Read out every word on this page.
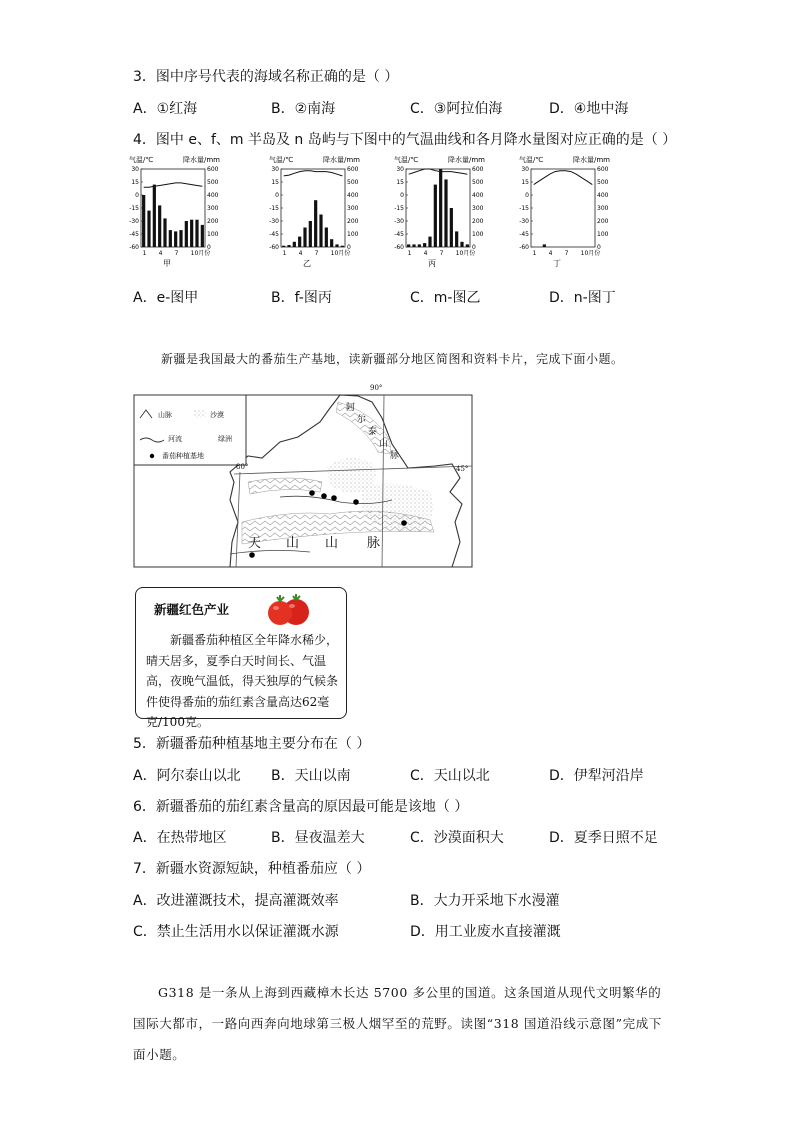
3．图中序号代表的海域名称正确的是（ ）
A．①红海	B．②南海	C．③阿拉伯海	D．④地中海
4．图中 e、f、m 半岛及 n 岛屿与下图中的气温曲线和各月降水量图对应正确的是（ ）
气温/℃	降水量/mm
30	600
15	500
0	400
-15	300
-30	200
-45	100
-60	0
1 4 7 10月份
甲
气温/℃	降水量/mm
30	600
15	500
0	400
-15	300
-30	200
-45	100
-60	0
1 4 7 10月份
乙
气温/℃	降水量/mm
30	600
15	500
0	400
-15	300
-30	200
-45	100
-60	0
1 4 7 10月份
丙
气温/℃	降水量/mm
30	600
15	500
0	400
-15	300
-30	200
-45	100
-60	0
1 4 7 10月份
丁
A．e-图甲	B．f-图丙	C．m-图乙	D．n-图丁
新疆是我国最大的番茄生产基地，读新疆部分地区简图和资料卡片，完成下面小题。
山脉	沙漠
河流	绿洲
番茄种植基地
90°
80°	45°
阿
尔
泰
山
脉
天 山 山 脉
新疆红色产业
新疆番茄种植区全年降水稀少，晴天居多，夏季白天时间长、气温高，夜晚气温低，得天独厚的气候条件使得番茄的茄红素含量高达62毫克/100克。
5．新疆番茄种植基地主要分布在（ ）
A．阿尔泰山以北 B．天山以南	C．天山以北	D．伊犁河沿岸
6．新疆番茄的茄红素含量高的原因最可能是该地（ ）
A．在热带地区	B．昼夜温差大	C．沙漠面积大	D．夏季日照不足
7．新疆水资源短缺，种植番茄应（ ）
A．改进灌溉技术，提高灌溉效率	B．大力开采地下水漫灌
C．禁止生活用水以保证灌溉水源	D．用工业废水直接灌溉
G318 是一条从上海到西藏樟木长达 5700 多公里的国道。这条国道从现代文明繁华的国际大都市，一路向西奔向地球第三极人烟罕至的荒野。读图“318 国道沿线示意图”完成下面小题。
